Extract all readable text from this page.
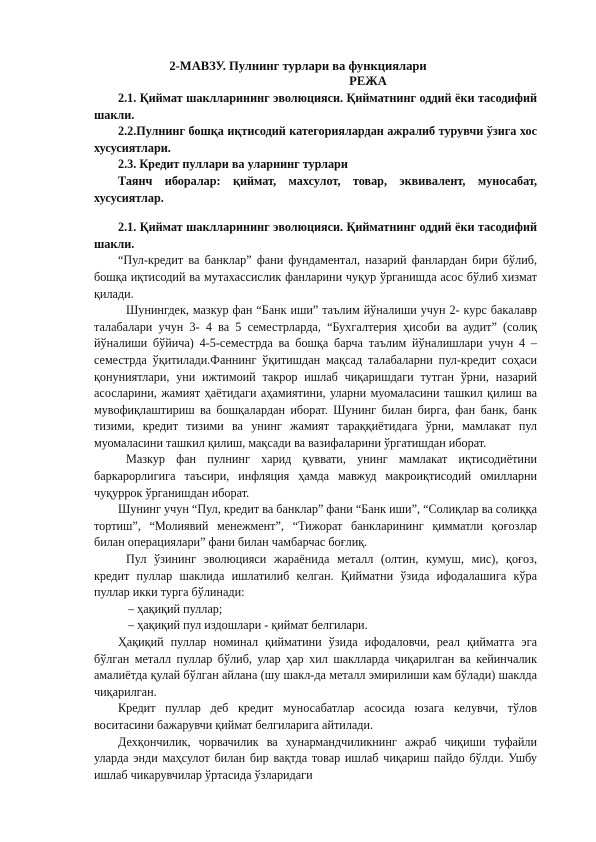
2-МАВЗУ. Пулнинг турлари ва функциялари
РЕЖА

2.1. Қиймат шаклларининг эволюцияси. Қийматнинг оддий ёки тасодифий шакли.

2.2.Пулнинг бошқа иқтисодий категориялардан ажралиб турувчи ўзига хос хусусиятлари.

2.3. Кредит пуллари ва уларнинг турлари

Таянч иборалар: қиймат, махсулот, товар, эквивалент, муносабат, хусусиятлар.

2.1. Қиймат шаклларининг эволюцияси. Қийматнинг оддий ёки тасодифий шакли.

“Пул-кредит ва банклар” фани фундаментал, назарий фанлардан бири бўлиб, бошқа иқтисодий ва мутахассислик фанларини чуқур ўрганишда асос бўлиб хизмат қилади.

Шунингдек, мазкур фан “Банк иши” таълим йўналиши учун 2- курс бакалавр талабалари учун 3- 4 ва 5 семестрларда, “Бухгалтерия ҳисоби ва аудит” (солиқ йўналиши бўйича) 4-5-семестрда ва бошқа барча таълим йўналишлари учун 4 – семестрда ўқитилади.Фаннинг ўқитишдан мақсад талабаларни пул-кредит соҳаси қонуниятлари, уни ижтимоий такрор ишлаб чиқаришдаги тутган ўрни, назарий асосларини, жамият ҳаётидаги аҳамиятини, уларни муомаласини ташкил қилиш ва мувофиқлаштириш ва бошқалардан иборат. Шунинг билан бирга, фан банк, банк тизими, кредит тизими ва унинг жамият тараққиётидага ўрни, мамлакат пул муомаласини ташкил қилиш, мақсади ва вазифаларини ўргатишдан иборат.

Мазкур фан пулнинг харид қуввати, унинг мамлакат иқтисодиётини баркарорлигига таъсири, инфляция ҳамда мавжуд макроиқтисодий омилларни чуқуррок ўрганишдан иборат.

Шунинг учун “Пул, кредит ва банклар” фани “Банк иши”, “Солиқлар ва солиққа тортиш”, “Молиявий менежмент”, “Тижорат банкларининг қимматли қоғозлар билан операциялари” фани билан чамбарчас боғлиқ.

Пул ўзининг эволюцияси жараёнида металл (олтин, кумуш, мис), қоғоз, кредит пуллар шаклида ишлатилиб келган. Қийматни ўзида ифодалашига кўра пуллар икки турга бўлинади:

– ҳақиқий пуллар;

– ҳақиқий пул издошлари - қиймат белгилари.

Ҳақиқий пуллар номинал қийматини ўзида ифодаловчи, реал қийматга эга бўлган металл пуллар бўлиб, улар ҳар хил шаклларда чиқарилган ва кейинчалик амалиётда қулай бўлган айлана (шу шакл-да металл эмирилиши кам бўлади) шаклда чиқарилган.

Кредит пуллар деб кредит муносабатлар асосида юзага келувчи, тўлов воситасини бажарувчи қиймат белгиларига айтилади.

Дехқончилик, чорвачилик ва хунармандчиликнинг ажраб чиқиши туфайли уларда энди маҳсулот билан бир вақтда товар ишлаб чиқариш пайдо бўлди. Ушбу ишлаб чикарувчилар ўртасида ўзларидаги
